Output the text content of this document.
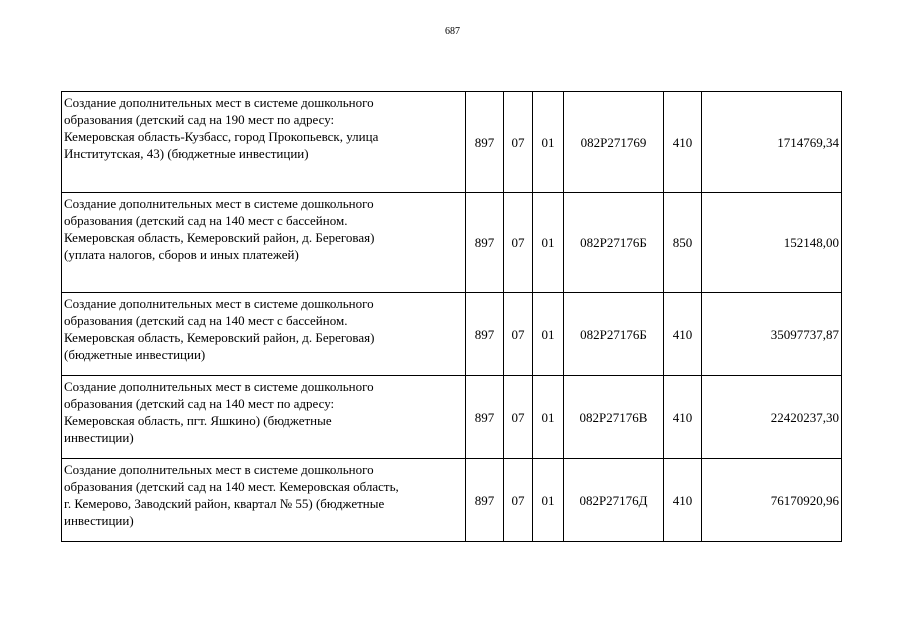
687
Создание дополнительных мест в системе дошкольного
образования (детский сад на 190 мест по адресу:
Кемеровская область-Кузбасс, город Прокопьевск, улица
Институтская, 43) (бюджетные инвестиции)	897	07	01	082P271769	410	1714769,34

Создание дополнительных мест в системе дошкольного
образования (детский сад на 140 мест с бассейном.
Кемеровская область, Кемеровский район, д. Береговая)
(уплата налогов, сборов и иных платежей)	897	07	01	082P27176Б	850	152148,00

Создание дополнительных мест в системе дошкольного
образования (детский сад на 140 мест с бассейном.
Кемеровская область, Кемеровский район, д. Береговая)
(бюджетные инвестиции)	897	07	01	082P27176Б	410	35097737,87

Создание дополнительных мест в системе дошкольного
образования (детский сад на 140 мест по адресу:
Кемеровская область, пгт. Яшкино) (бюджетные
инвестиции)	897	07	01	082P27176В	410	22420237,30

Создание дополнительных мест в системе дошкольного
образования (детский сад на 140 мест. Кемеровская область,
г. Кемерово, Заводский район, квартал № 55) (бюджетные
инвестиции)	897	07	01	082P27176Д	410	76170920,96
